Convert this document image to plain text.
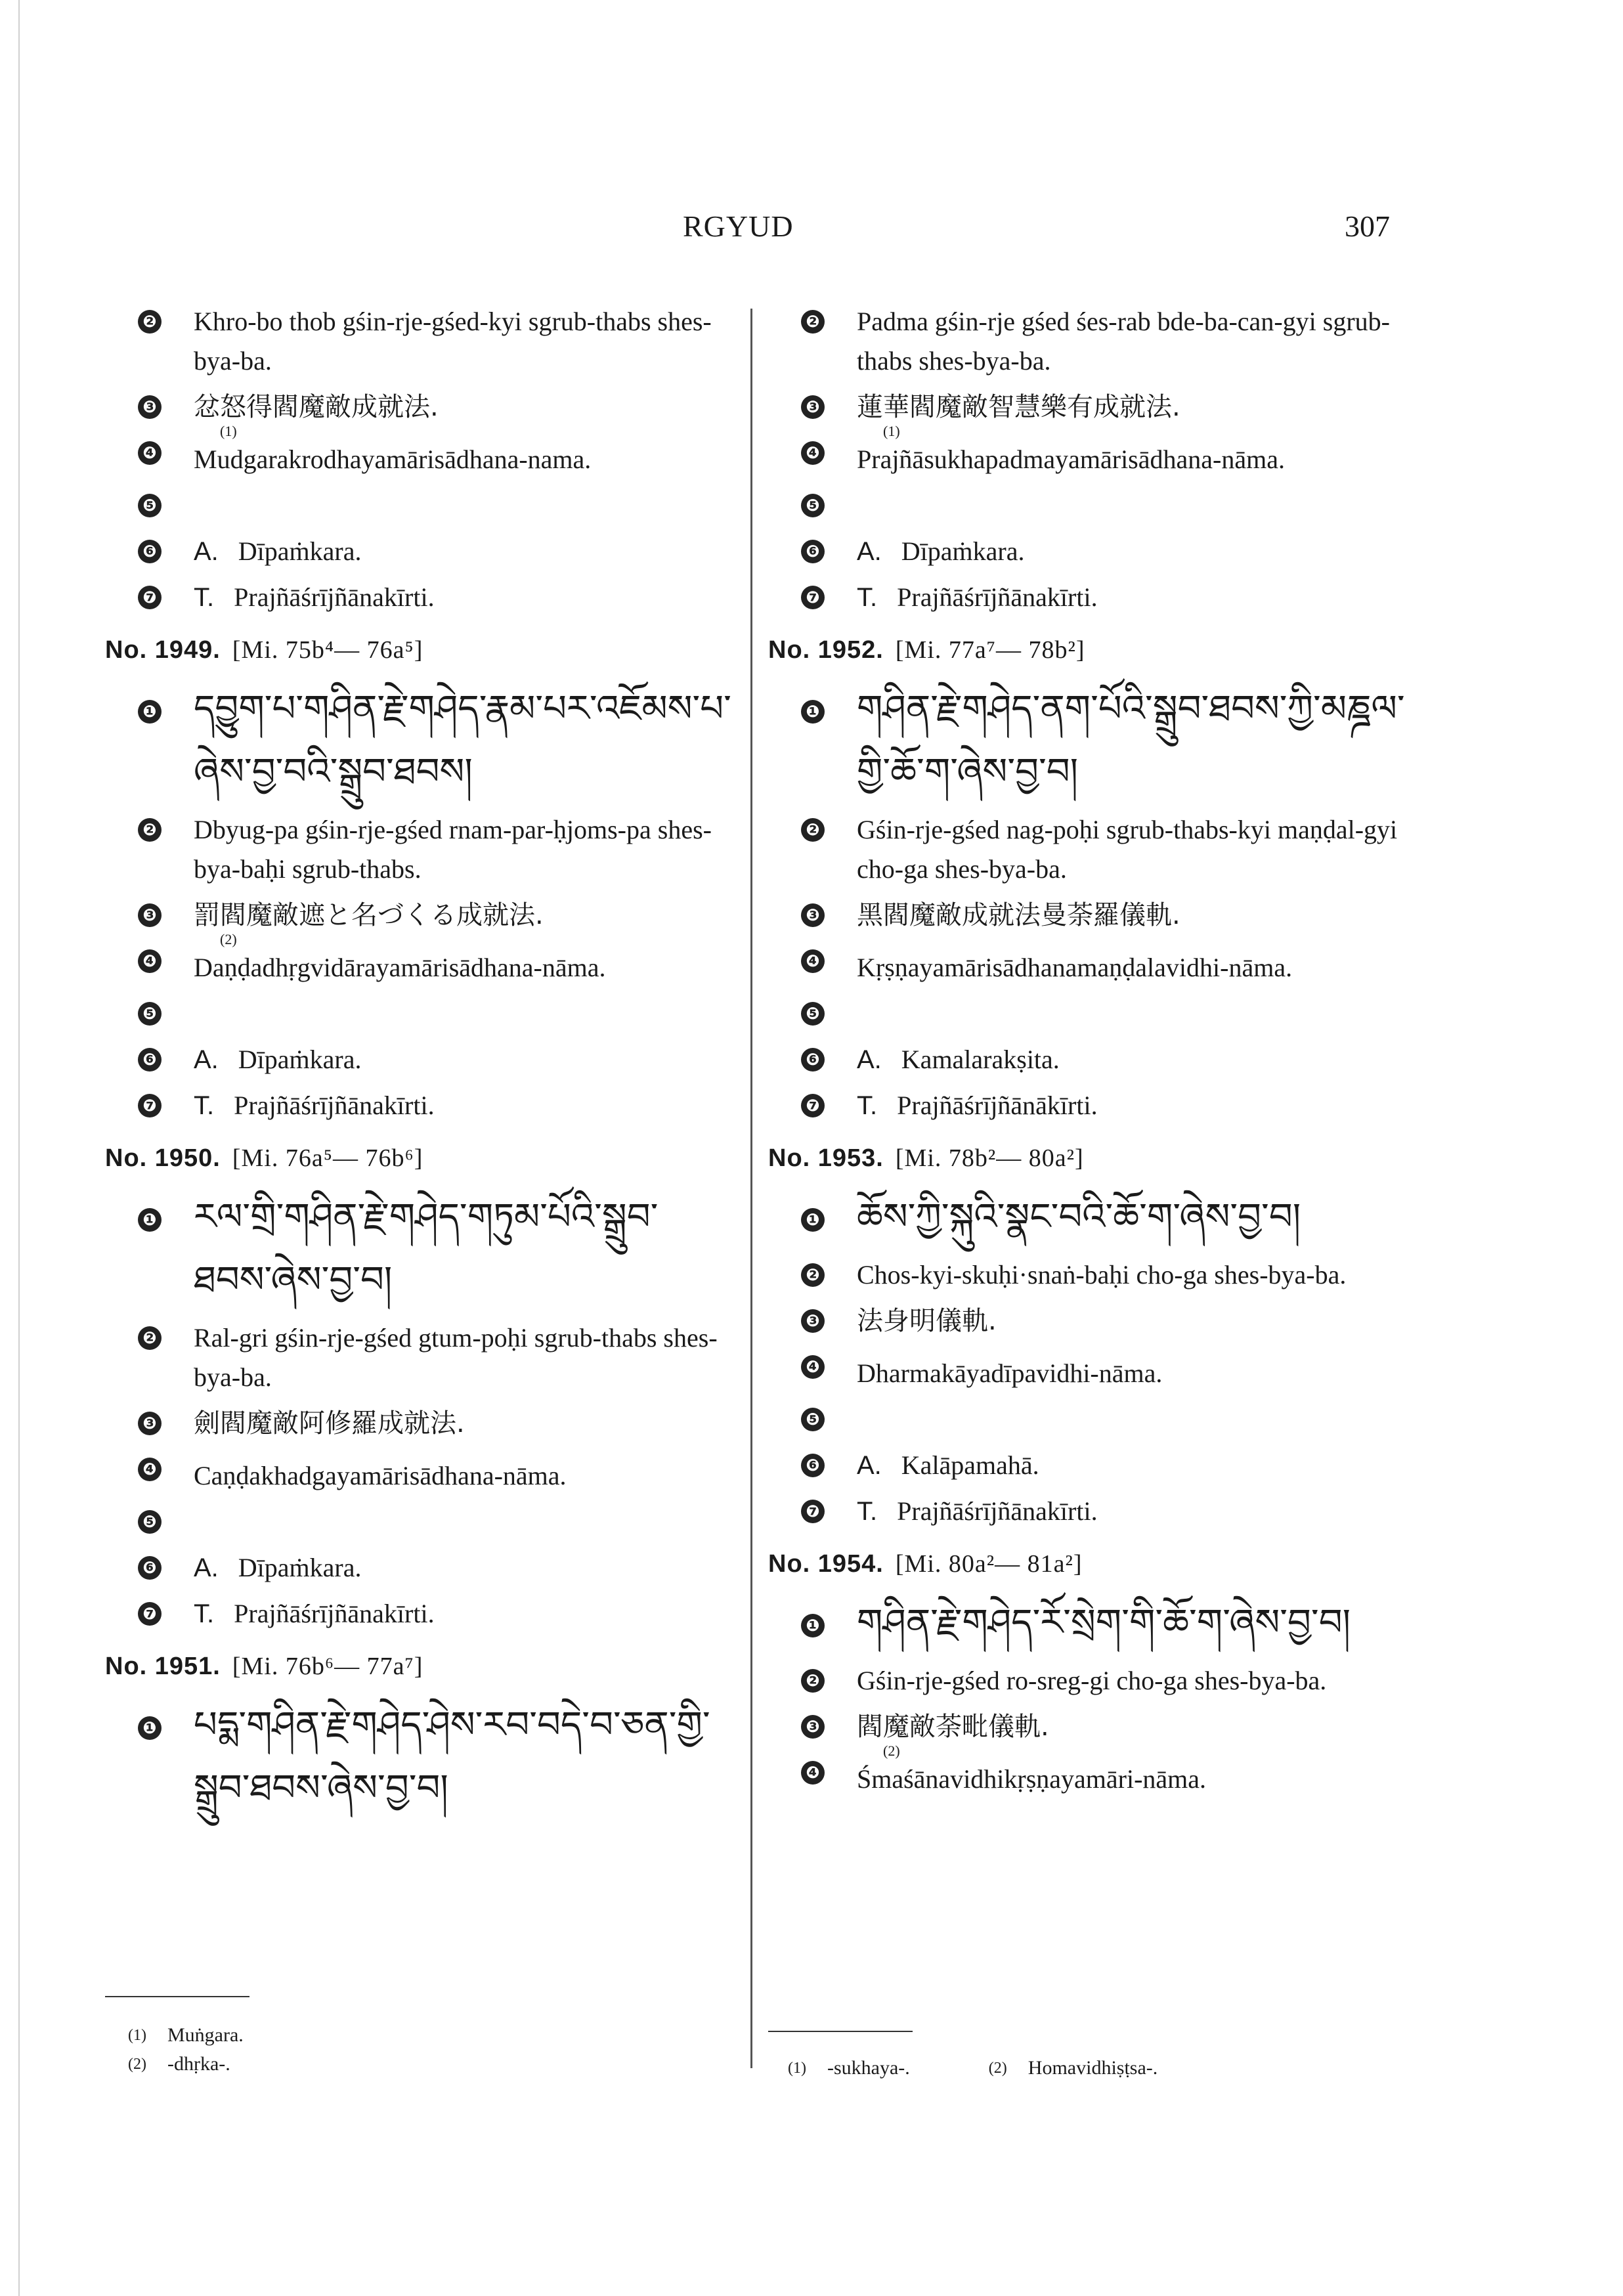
RGYUD	307
❷ Khro-bo thob gśin-rje-gśed-kyi sgrub-thabs shes-bya-ba.
❸ 忿怒得閻魔敵成就法.
❹
(1)
Mudgarakrodhayamārisādhana-nama.
❺
❻ A. Dīpaṁkara.
❼ T. Prajñāśrījñānakīrti.
No. 1949. [Mi. 75b⁴— 76a⁵]
❶ དབྱུག་པ་གཤིན་རྗེ་གཤེད་རྣམ་པར་འཇོམས་པ་ཞེས་བྱ་བའི་སྒྲུབ་ཐབས།
❷ Dbyug-pa gśin-rje-gśed rnam-par-ḥjoms-pa shes-bya-baḥi sgrub-thabs.
❸ 罰閻魔敵遮と名づくる成就法.
❹
(2)
Daṇḍadhṛgvidārayamārisādhana-nāma.
❺
❻ A. Dīpaṁkara.
❼ T. Prajñāśrījñānakīrti.
No. 1950. [Mi. 76a⁵— 76b⁶]
❶ རལ་གྲི་གཤིན་རྗེ་གཤེད་གཏུམ་པོའི་སྒྲུབ་ཐབས་ཞེས་བྱ་བ།
❷ Ral-gri gśin-rje-gśed gtum-poḥi sgrub-thabs shes-bya-ba.
❸ 劍閻魔敵阿修羅成就法.
❹ Caṇḍakhadgayamārisādhana-nāma.
❺
❻ A. Dīpaṁkara.
❼ T. Prajñāśrījñānakīrti.
No. 1951. [Mi. 76b⁶— 77a⁷]
❶ པདྨ་གཤིན་རྗེ་གཤེད་ཤེས་རབ་བདེ་བ་ཅན་གྱི་སྒྲུབ་ཐབས་ཞེས་བྱ་བ།
❷ Padma gśin-rje gśed śes-rab bde-ba-can-gyi sgrub-thabs shes-bya-ba.
❸ 蓮華閻魔敵智慧樂有成就法.
❹
(1)
Prajñāsukhapadmayamārisādhana-nāma.
❺
❻ A. Dīpaṁkara.
❼ T. Prajñāśrījñānakīrti.
No. 1952. [Mi. 77a⁷— 78b²]
❶ གཤིན་རྗེ་གཤེད་ནག་པོའི་སྒྲུབ་ཐབས་ཀྱི་མཎྜལ་གྱི་ཆོ་ག་ཞེས་བྱ་བ།
❷ Gśin-rje-gśed nag-poḥi sgrub-thabs-kyi maṇḍal-gyi cho-ga shes-bya-ba.
❸ 黑閻魔敵成就法曼荼羅儀軌.
❹ Kṛṣṇayamārisādhanamaṇḍalavidhi-nāma.
❺
❻ A. Kamalarakṣita.
❼ T. Prajñāśrījñānākīrti.
No. 1953. [Mi. 78b²— 80a²]
❶ ཆོས་ཀྱི་སྐུའི་སྣང་བའི་ཆོ་ག་ཞེས་བྱ་བ།
❷ Chos-kyi-skuḥi·snaṅ-baḥi cho-ga shes-bya-ba.
❸ 法身明儀軌.
❹ Dharmakāyadīpavidhi-nāma.
❺
❻ A. Kalāpamahā.
❼ T. Prajñāśrījñānakīrti.
No. 1954. [Mi. 80a²— 81a²]
❶ གཤིན་རྗེ་གཤེད་རོ་སྲེག་གི་ཆོ་ག་ཞེས་བྱ་བ།
❷ Gśin-rje-gśed ro-sreg-gi cho-ga shes-bya-ba.
❸ 閻魔敵荼毗儀軌.
❹
(2)
Śmaśānavidhikṛṣṇayamāri-nāma.
(1) Muṅgara.
(2) -dhṛka-.	(1) -sukhaya-.	(2) Homavidhiṣṭsa-.
